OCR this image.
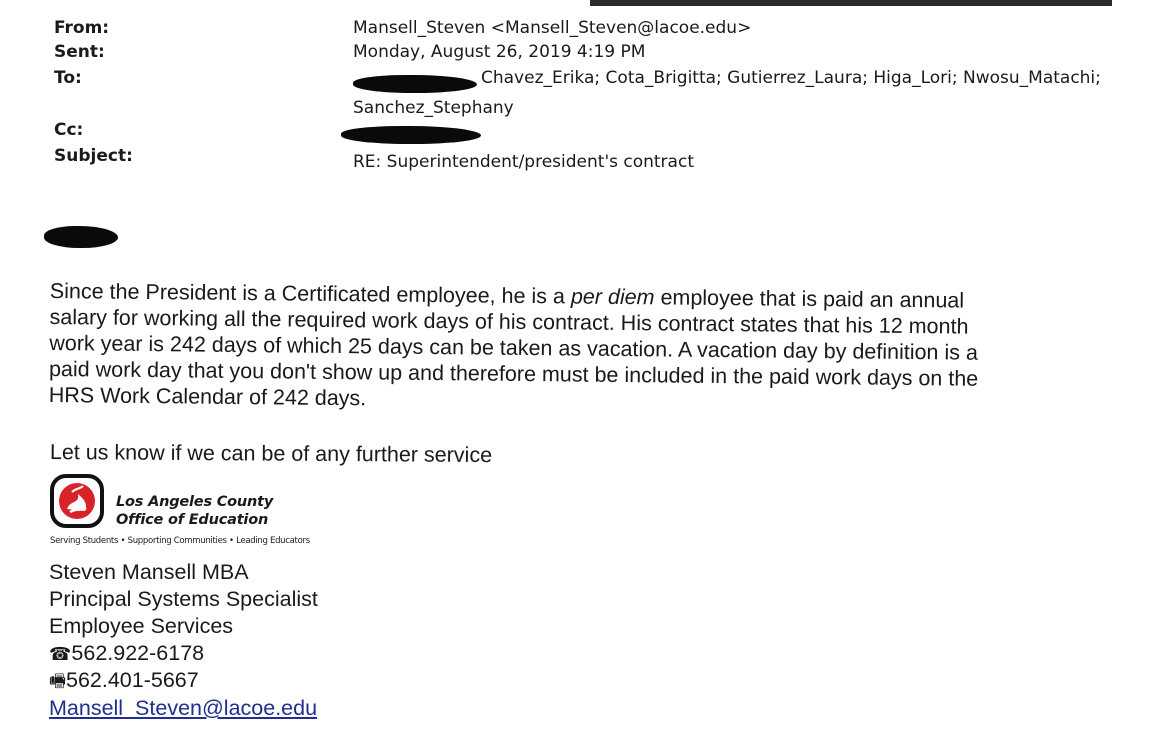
From:	Mansell_Steven <Mansell_Steven@lacoe.edu>
Sent:	Monday, August 26, 2019 4:19 PM
To:	Chavez_Erika; Cota_Brigitta; Gutierrez_Laura; Higa_Lori; Nwosu_Matachi;
Sanchez_Stephany
Cc:
Subject:	RE: Superintendent/president's contract
Since the President is a Certificated employee, he is a per diem employee that is paid an annual
salary for working all the required work days of his contract. His contract states that his 12 month
work year is 242 days of which 25 days can be taken as vacation. A vacation day by definition is a
paid work day that you don't show up and therefore must be included in the paid work days on the
HRS Work Calendar of 242 days.
Let us know if we can be of any further service
Los Angeles County
Office of Education
Serving Students • Supporting Communities • Leading Educators
Steven Mansell MBA
Principal Systems Specialist
Employee Services
☎562.922-6178
🖷562.401-5667
Mansell_Steven@lacoe.edu
